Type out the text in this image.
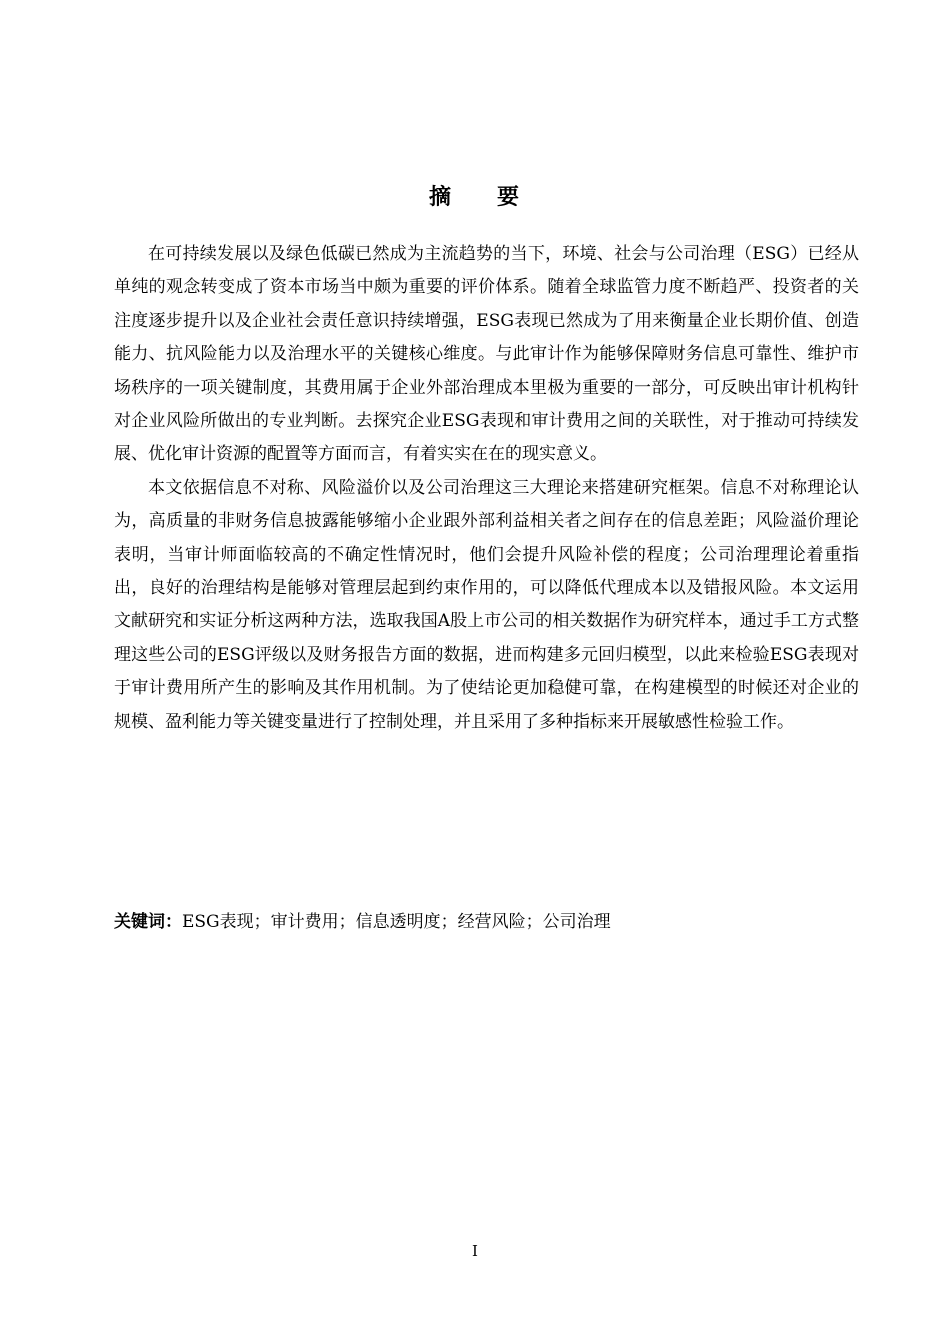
摘 要

在可持续发展以及绿色低碳已然成为主流趋势的当下，环境、社会与公司治理（ESG）已经从单纯的观念转变成了资本市场当中颇为重要的评价体系。随着全球监管力度不断趋严、投资者的关注度逐步提升以及企业社会责任意识持续增强，ESG表现已然成为了用来衡量企业长期价值、创造能力、抗风险能力以及治理水平的关键核心维度。与此审计作为能够保障财务信息可靠性、维护市场秩序的一项关键制度，其费用属于企业外部治理成本里极为重要的一部分，可反映出审计机构针对企业风险所做出的专业判断。去探究企业ESG表现和审计费用之间的关联性，对于推动可持续发展、优化审计资源的配置等方面而言，有着实实在在的现实意义。

本文依据信息不对称、风险溢价以及公司治理这三大理论来搭建研究框架。信息不对称理论认为，高质量的非财务信息披露能够缩小企业跟外部利益相关者之间存在的信息差距；风险溢价理论表明，当审计师面临较高的不确定性情况时，他们会提升风险补偿的程度；公司治理理论着重指出，良好的治理结构是能够对管理层起到约束作用的，可以降低代理成本以及错报风险。本文运用文献研究和实证分析这两种方法，选取我国A股上市公司的相关数据作为研究样本，通过手工方式整理这些公司的ESG评级以及财务报告方面的数据，进而构建多元回归模型，以此来检验ESG表现对于审计费用所产生的影响及其作用机制。为了使结论更加稳健可靠，在构建模型的时候还对企业的规模、盈利能力等关键变量进行了控制处理，并且采用了多种指标来开展敏感性检验工作。

关键词：ESG表现；审计费用；信息透明度；经营风险；公司治理
I
